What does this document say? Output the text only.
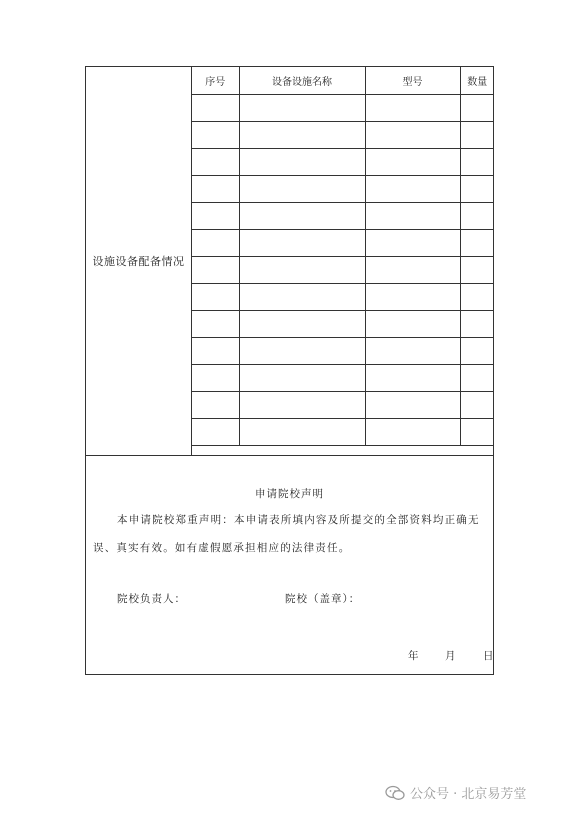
设施设备配备情况
序号	设备设施名称	型号	数量

申请院校声明
本申请院校郑重声明：本申请表所填内容及所提交的全部资料均正确无误、真实有效。如有虚假愿承担相应的法律责任。
院校负责人：	院校（盖章）：
年	月	日
公众号 · 北京易芳堂
